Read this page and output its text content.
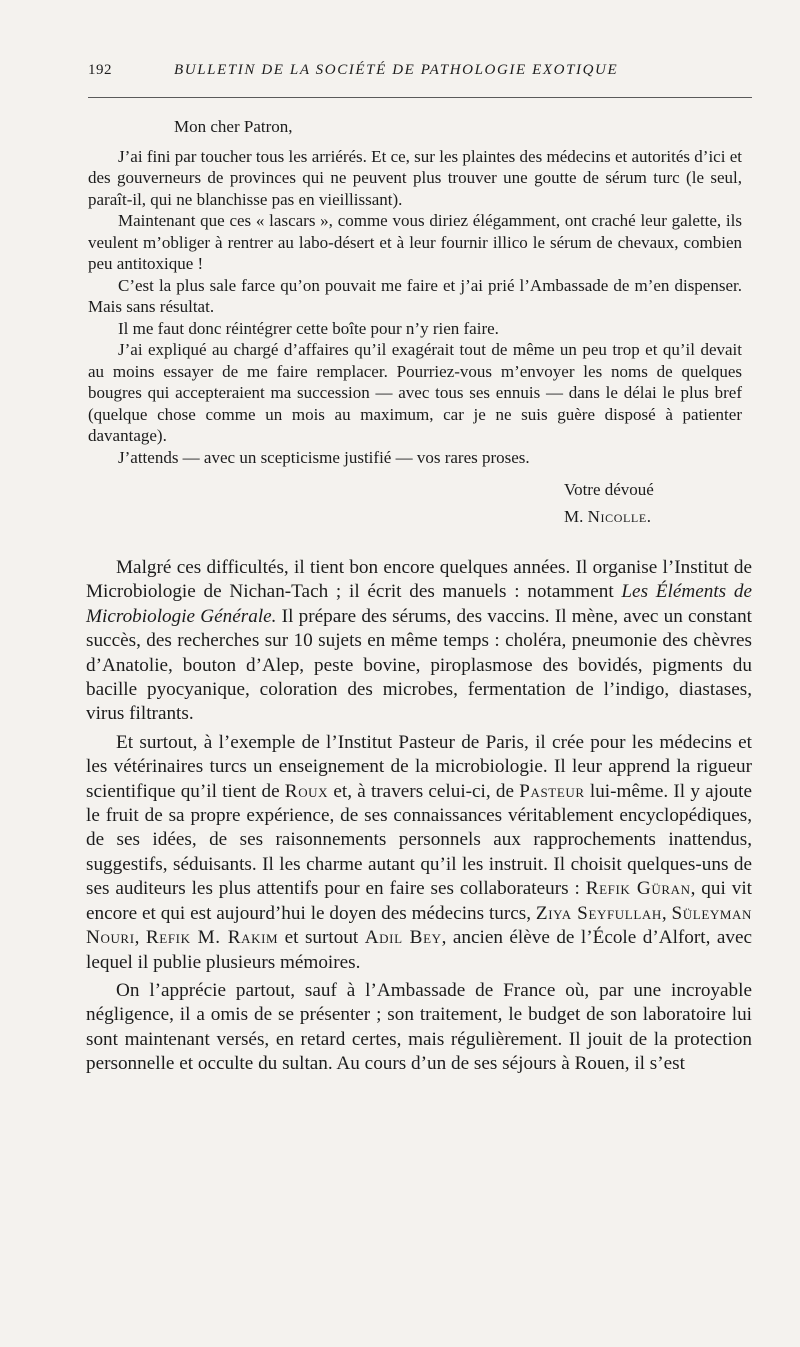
192	BULLETIN DE LA SOCIÉTÉ DE PATHOLOGIE EXOTIQUE
Mon cher Patron,

J’ai fini par toucher tous les arriérés. Et ce, sur les plaintes des médecins et autorités d’ici et des gouverneurs de provinces qui ne peuvent plus trouver une goutte de sérum turc (le seul, paraît-il, qui ne blanchisse pas en vieillissant).

Maintenant que ces « lascars », comme vous diriez élégamment, ont craché leur galette, ils veulent m’obliger à rentrer au labo-désert et à leur fournir illico le sérum de chevaux, combien peu antitoxique !

C’est la plus sale farce qu’on pouvait me faire et j’ai prié l’Ambassade de m’en dispenser. Mais sans résultat.

Il me faut donc réintégrer cette boîte pour n’y rien faire.

J’ai expliqué au chargé d’affaires qu’il exagérait tout de même un peu trop et qu’il devait au moins essayer de me faire remplacer. Pourriez-vous m’envoyer les noms de quelques bougres qui accepteraient ma succession — avec tous ses ennuis — dans le délai le plus bref (quelque chose comme un mois au maximum, car je ne suis guère disposé à patienter davantage).

J’attends — avec un scepticisme justifié — vos rares proses.

Votre dévoué
M. Nicolle.

Malgré ces difficultés, il tient bon encore quelques années. Il organise l’Institut de Microbiologie de Nichan-Tach ; il écrit des manuels : notamment Les Éléments de Microbiologie Générale. Il prépare des sérums, des vaccins. Il mène, avec un constant succès, des recherches sur 10 sujets en même temps : choléra, pneumonie des chèvres d’Anatolie, bouton d’Alep, peste bovine, piroplasmose des bovidés, pigments du bacille pyocyanique, coloration des microbes, fermentation de l’indigo, diastases, virus filtrants.

Et surtout, à l’exemple de l’Institut Pasteur de Paris, il crée pour les médecins et les vétérinaires turcs un enseignement de la microbiologie. Il leur apprend la rigueur scientifique qu’il tient de Roux et, à travers celui-ci, de Pasteur lui-même. Il y ajoute le fruit de sa propre expérience, de ses connaissances véritablement encyclopédiques, de ses idées, de ses raisonnements personnels aux rapprochements inattendus, suggestifs, séduisants. Il les charme autant qu’il les instruit. Il choisit quelques-uns de ses auditeurs les plus attentifs pour en faire ses collaborateurs : Refik Güran, qui vit encore et qui est aujourd’hui le doyen des médecins turcs, Ziya Seyfullah, Süleyman Nouri, Refik M. Rakim et surtout Adil Bey, ancien élève de l’École d’Alfort, avec lequel il publie plusieurs mémoires.

On l’apprécie partout, sauf à l’Ambassade de France où, par une incroyable négligence, il a omis de se présenter ; son traitement, le budget de son laboratoire lui sont maintenant versés, en retard certes, mais régulièrement. Il jouit de la protection personnelle et occulte du sultan. Au cours d’un de ses séjours à Rouen, il s’est
